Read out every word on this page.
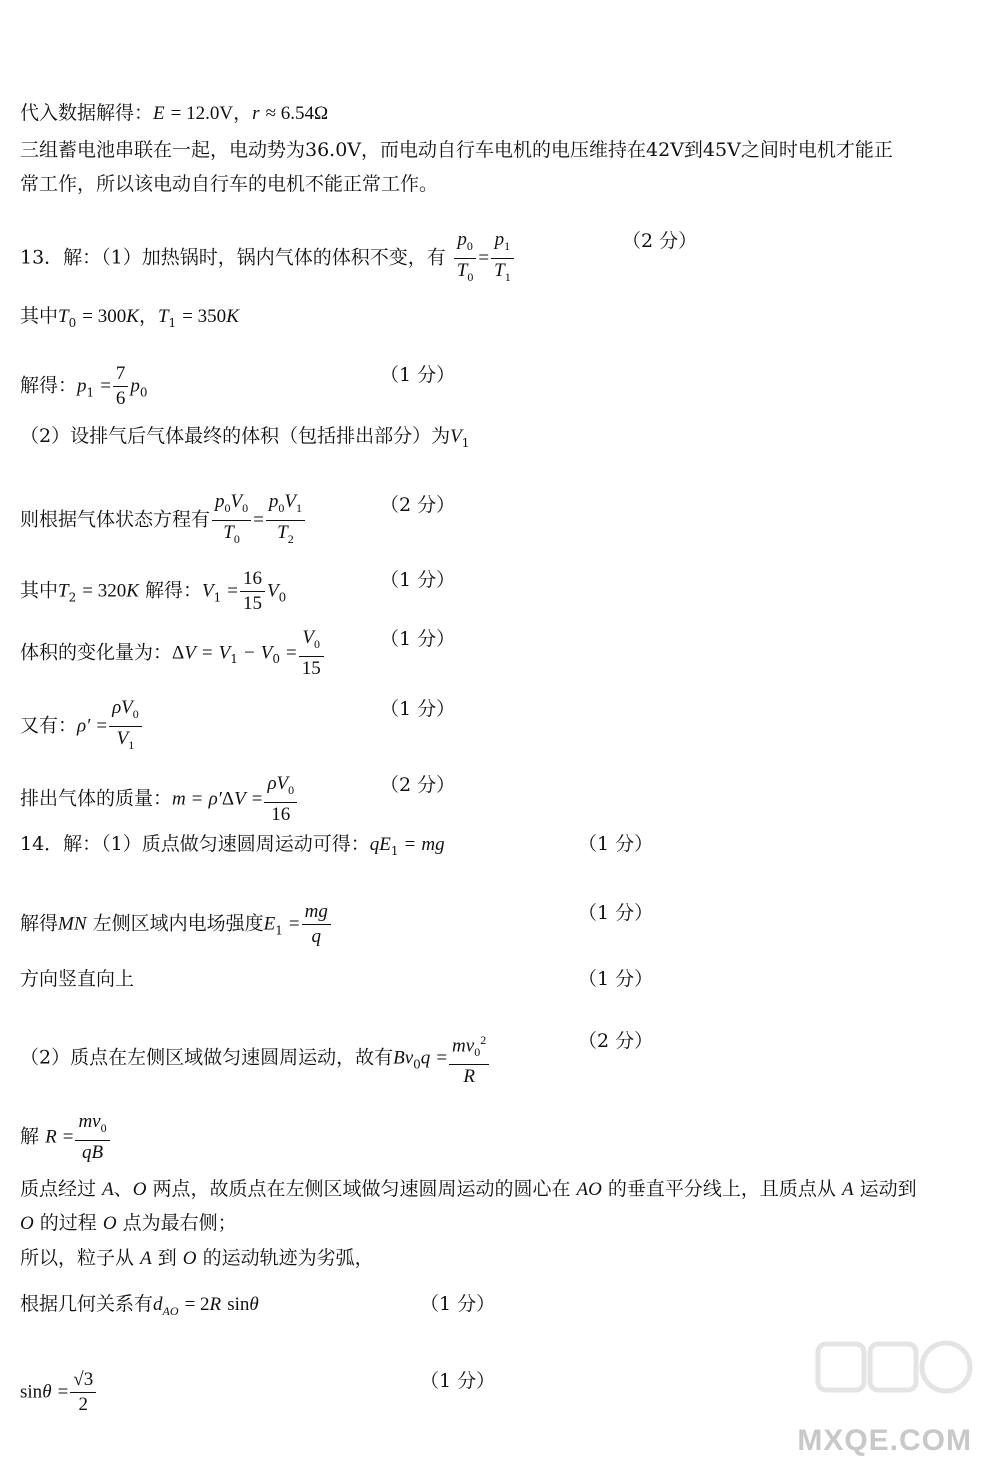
代入数据解得：E = 12.0V，r ≈ 6.54Ω
三组蓄电池串联在一起，电动势为36.0V，而电动自行车电机的电压维持在42V到45V之间时电机才能正
常工作，所以该电动自行车的电机不能正常工作。
13．解：（1）加热锅时，锅内气体的体积不变，有 $\frac{p_0}{T_0} = \frac{p_1}{T_1}$	（2 分）
其中$T_0 = 300K$，$T_1 = 350K$
解得：$p_1 = \frac{7}{6} p_0$
（1 分）
（2）设排气后气体最终的体积（包括排出部分）为$V_1$
则根据气体状态方程有 $\frac{p_0V_0}{T_0} = \frac{p_0V_1}{T_2}$	（2 分）
其中$T_2 = 320K$ 解得：$V_1 = \frac{16}{15} V_0$
（1 分）
体积的变化量为：$\Delta V = V_1 - V_0 = \frac{V_0}{15}$	（1 分）
又有：$\rho' = \frac{\rho V_0}{V_1}$	（1 分）
排出气体的质量：$m = \rho'\Delta V = \frac{\rho V_0}{16}$	（2 分）
14．解：（1）质点做匀速圆周运动可得：$qE_1$ = mg	（1 分）
解得MN 左侧区域内电场强度$E_1 = \frac{mg}{q}$	（1 分）
方向竖直向上	（1 分）
（2）质点在左侧区域做匀速圆周运动，故有$Bv_0q = \frac{mv_0^2}{R}$	（2 分）
解 $R = \frac{mv_0}{qB}$
质点经过 A、O 两点，故质点在左侧区域做匀速圆周运动的圆心在 AO 的垂直平分线上，且质点从 A 运动到
O 的过程 O 点为最右侧；
所以，粒子从 A 到 O 的运动轨迹为劣弧，
根据几何关系有$d_{AO} = 2R$ sinθ	（1 分）
$\sin\theta = \frac{√3}{2}$	（1 分）
MXQE.COM
